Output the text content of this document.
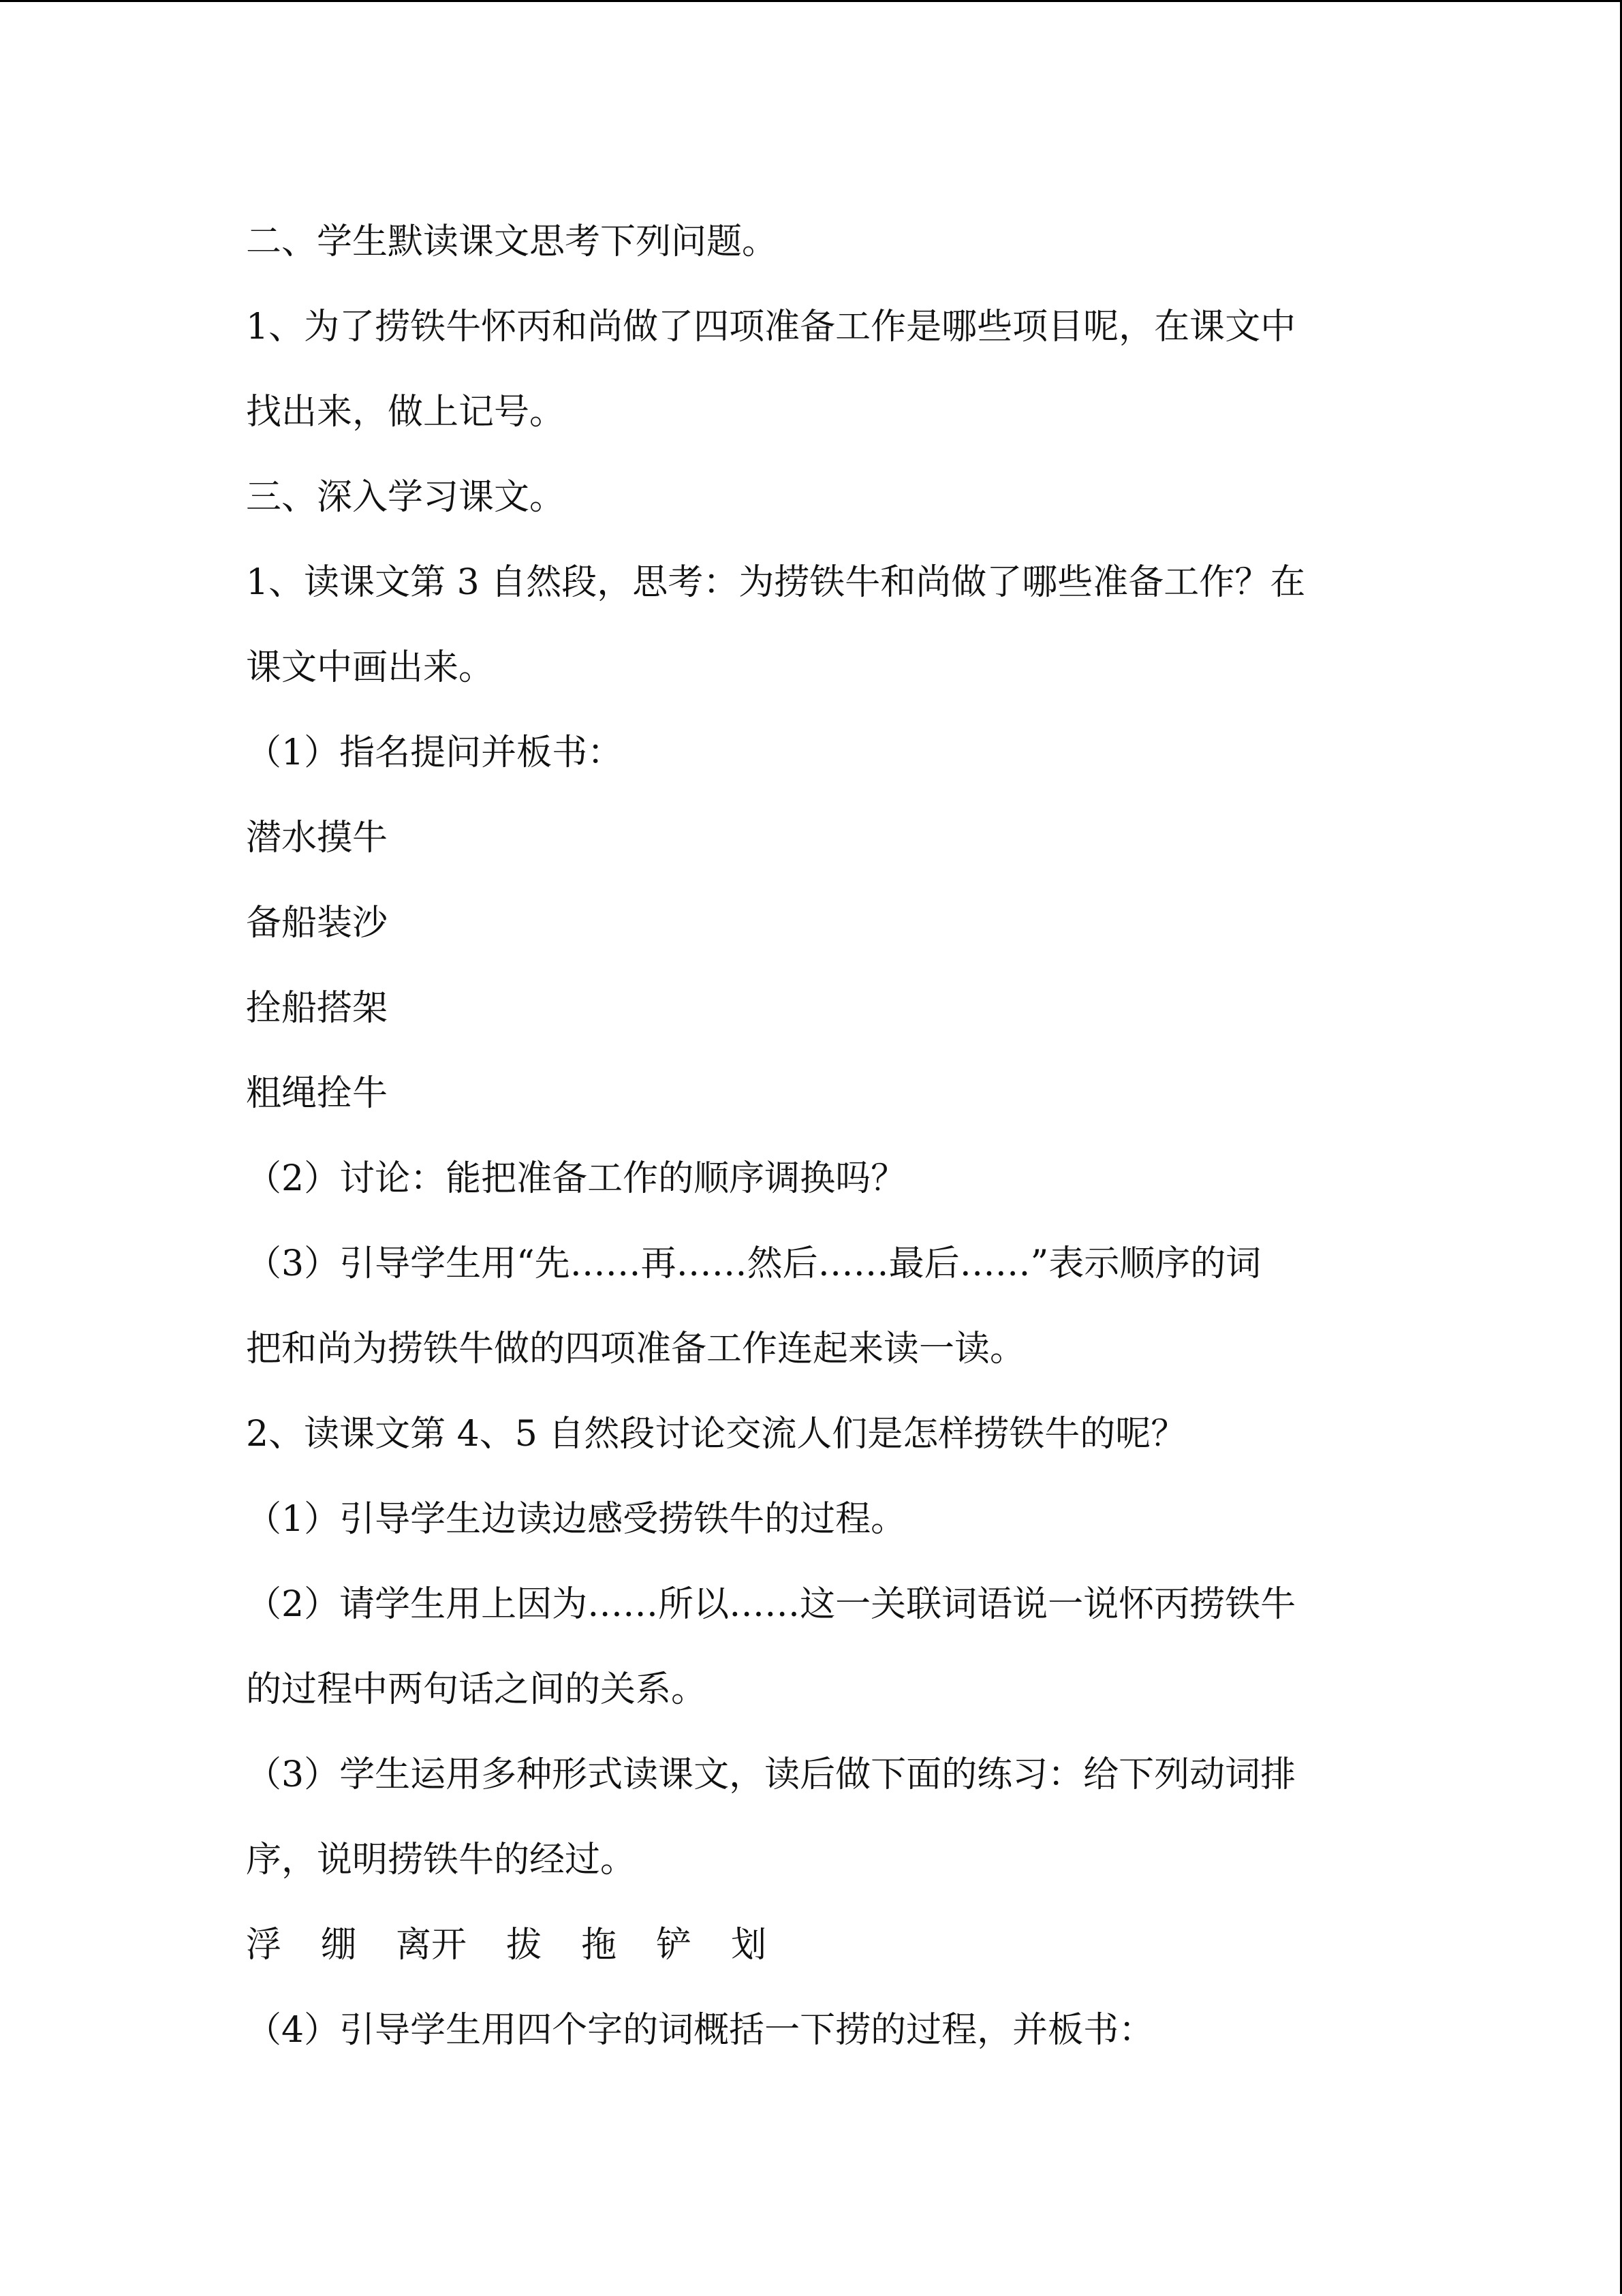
二、学生默读课文思考下列问题。
1、为了捞铁牛怀丙和尚做了四项准备工作是哪些项目呢，在课文中
找出来，做上记号。
三、深入学习课文。
1、读课文第 3 自然段，思考：为捞铁牛和尚做了哪些准备工作？在
课文中画出来。
（1）指名提问并板书：
潜水摸牛
备船装沙
拴船搭架
粗绳拴牛
（2）讨论：能把准备工作的顺序调换吗？
（3）引导学生用“先……再……然后……最后……”表示顺序的词
把和尚为捞铁牛做的四项准备工作连起来读一读。
2、读课文第 4、5 自然段讨论交流人们是怎样捞铁牛的呢？
（1）引导学生边读边感受捞铁牛的过程。
（2）请学生用上因为……所以……这一关联词语说一说怀丙捞铁牛
的过程中两句话之间的关系。
（3）学生运用多种形式读课文，读后做下面的练习：给下列动词排
序，说明捞铁牛的经过。
浮 绷 离开 拔 拖 铲 划
（4）引导学生用四个字的词概括一下捞的过程，并板书：
